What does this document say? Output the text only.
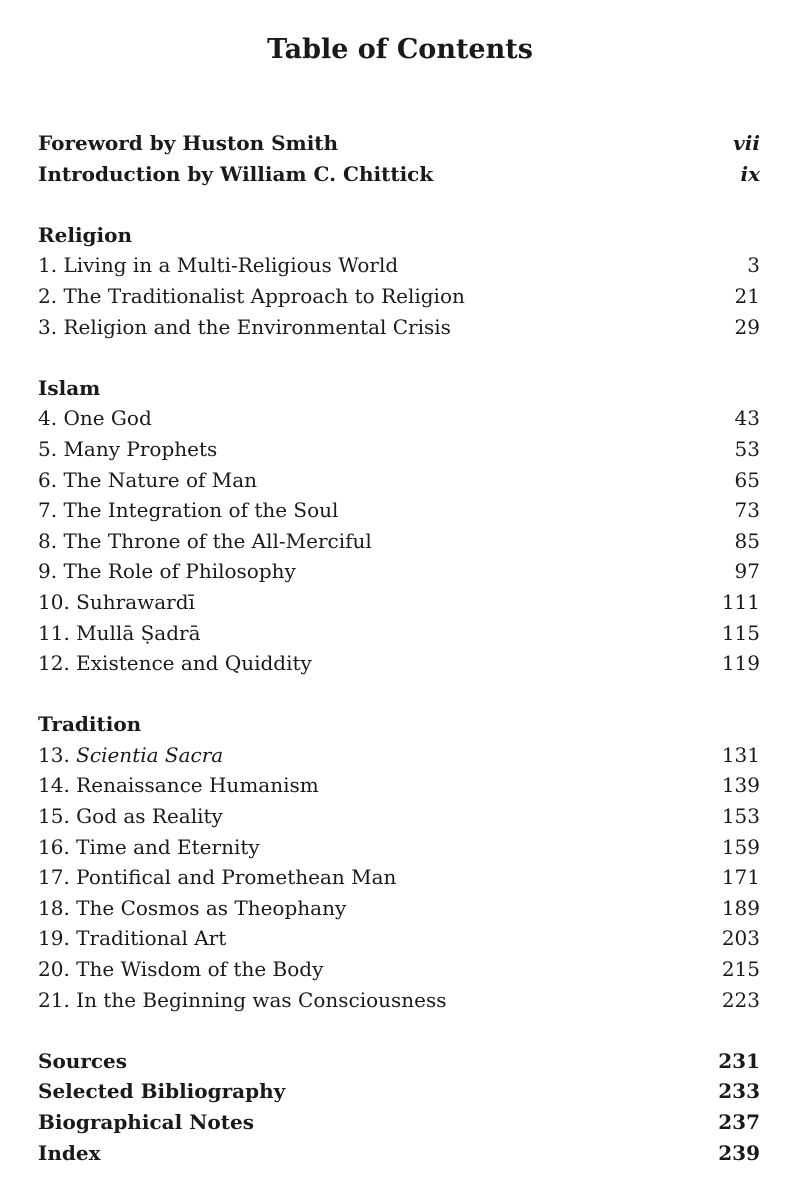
Table of Contents
Foreword by Huston Smith	vii
Introduction by William C. Chittick	ix
Religion
1. Living in a Multi-Religious World	3
2. The Traditionalist Approach to Religion	21
3. Religion and the Environmental Crisis	29
Islam
4. One God	43
5. Many Prophets	53
6. The Nature of Man	65
7. The Integration of the Soul	73
8. The Throne of the All-Merciful	85
9. The Role of Philosophy	97
10. Suhrawardī	111
11. Mullā Ṣadrā	115
12. Existence and Quiddity	119
Tradition
13. Scientia Sacra	131
14. Renaissance Humanism	139
15. God as Reality	153
16. Time and Eternity	159
17. Pontifical and Promethean Man	171
18. The Cosmos as Theophany	189
19. Traditional Art	203
20. The Wisdom of the Body	215
21. In the Beginning was Consciousness	223
Sources	231
Selected Bibliography	233
Biographical Notes	237
Index	239
